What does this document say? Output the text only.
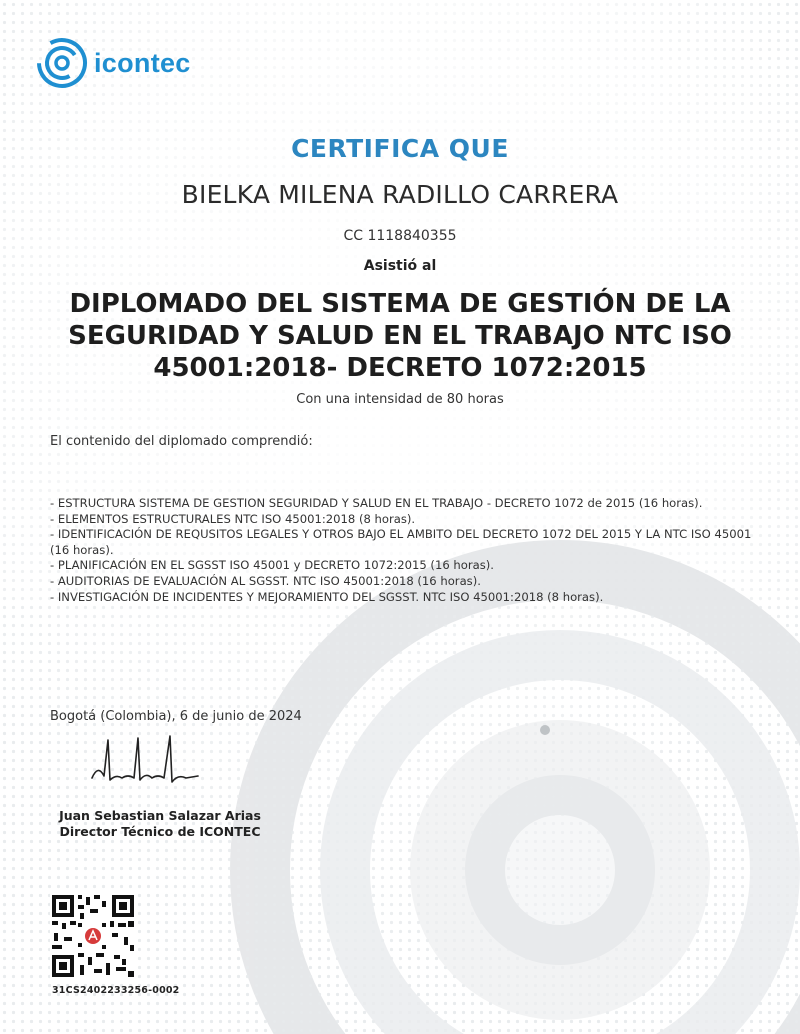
icontec
CERTIFICA QUE
BIELKA MILENA RADILLO CARRERA
CC 1118840355
Asistió al
DIPLOMADO DEL SISTEMA DE GESTIÓN DE LA SEGURIDAD Y SALUD EN EL TRABAJO NTC ISO 45001:2018- DECRETO 1072:2015
Con una intensidad de 80 horas
El contenido del diplomado comprendió:
- ESTRUCTURA SISTEMA DE GESTION SEGURIDAD Y SALUD EN EL TRABAJO - DECRETO 1072 de 2015 (16 horas).
- ELEMENTOS ESTRUCTURALES NTC ISO 45001:2018 (8 horas).
- IDENTIFICACIÓN DE REQUSITOS LEGALES Y OTROS BAJO EL AMBITO DEL DECRETO 1072 DEL 2015 Y LA NTC ISO 45001 (16 horas).
- PLANIFICACIÓN EN EL SGSST ISO 45001 y DECRETO 1072:2015 (16 horas).
- AUDITORIAS DE EVALUACIÓN AL SGSST. NTC ISO 45001:2018 (16 horas).
- INVESTIGACIÓN DE INCIDENTES Y MEJORAMIENTO DEL SGSST. NTC ISO 45001:2018 (8 horas).
Bogotá (Colombia), 6 de junio de 2024
Juan Sebastian Salazar Arias
Director Técnico de ICONTEC
31CS2402233256-0002
